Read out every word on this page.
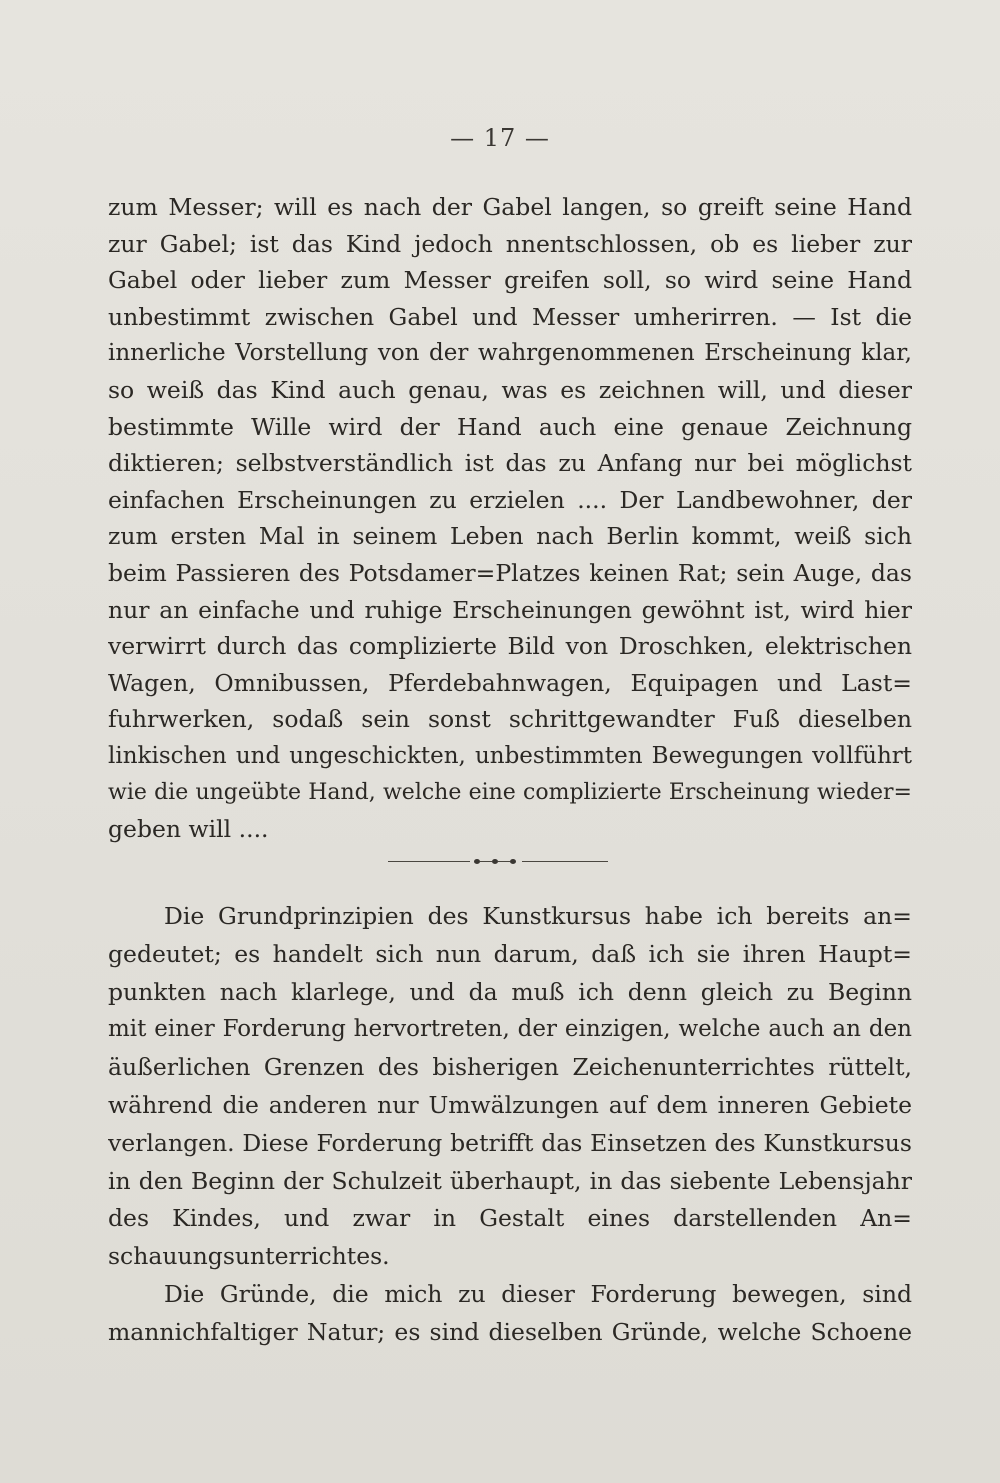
— 17 —
zum Messer; will es nach der Gabel langen, so greift seine Hand
zur Gabel; ist das Kind jedoch nnentschlossen, ob es lieber zur
Gabel oder lieber zum Messer greifen soll, so wird seine Hand
unbestimmt zwischen Gabel und Messer umherirren. — Ist die
innerliche Vorstellung von der wahrgenommenen Erscheinung klar,
so weiß das Kind auch genau, was es zeichnen will, und dieser
bestimmte Wille wird der Hand auch eine genaue Zeichnung
diktieren; selbstverständlich ist das zu Anfang nur bei möglichst
einfachen Erscheinungen zu erzielen .... Der Landbewohner, der
zum ersten Mal in seinem Leben nach Berlin kommt, weiß sich
beim Passieren des Potsdamer=Platzes keinen Rat; sein Auge, das
nur an einfache und ruhige Erscheinungen gewöhnt ist, wird hier
verwirrt durch das complizierte Bild von Droschken, elektrischen
Wagen, Omnibussen, Pferdebahnwagen, Equipagen und Last=
fuhrwerken, sodaß sein sonst schrittgewandter Fuß dieselben
linkischen und ungeschickten, unbestimmten Bewegungen vollführt
wie die ungeübte Hand, welche eine complizierte Erscheinung wieder=
geben will ....
Die Grundprinzipien des Kunstkursus habe ich bereits an=
gedeutet; es handelt sich nun darum, daß ich sie ihren Haupt=
punkten nach klarlege, und da muß ich denn gleich zu Beginn
mit einer Forderung hervortreten, der einzigen, welche auch an den
äußerlichen Grenzen des bisherigen Zeichenunterrichtes rüttelt,
während die anderen nur Umwälzungen auf dem inneren Gebiete
verlangen. Diese Forderung betrifft das Einsetzen des Kunstkursus
in den Beginn der Schulzeit überhaupt, in das siebente Lebensjahr
des Kindes, und zwar in Gestalt eines darstellenden An=
schauungsunterrichtes.
Die Gründe, die mich zu dieser Forderung bewegen, sind
mannichfaltiger Natur; es sind dieselben Gründe, welche Schoene
